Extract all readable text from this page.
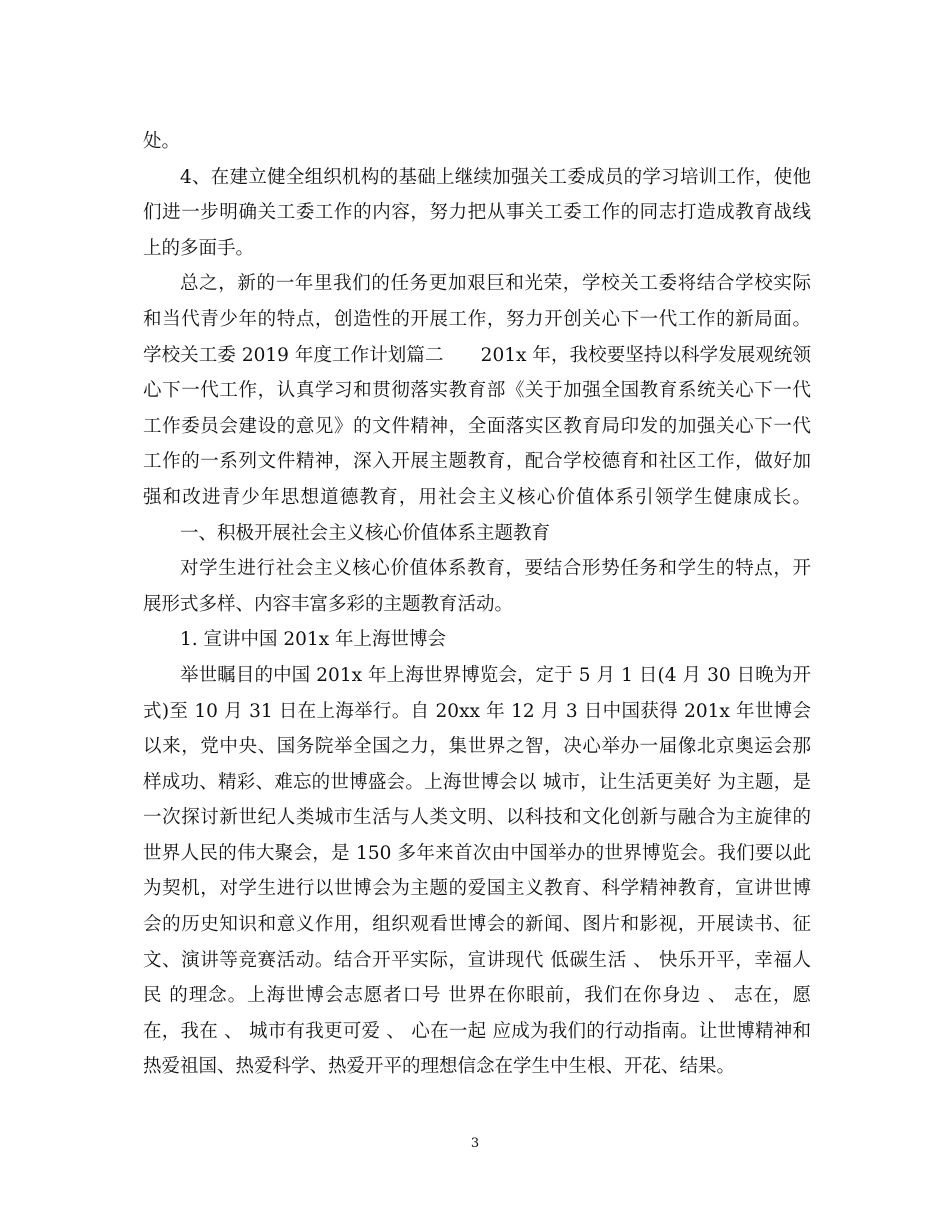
处。
4、在建立健全组织机构的基础上继续加强关工委成员的学习培训工作，使他
们进一步明确关工委工作的内容，努力把从事关工委工作的同志打造成教育战线
上的多面手。
总之，新的一年里我们的任务更加艰巨和光荣，学校关工委将结合学校实际
和当代青少年的特点，创造性的开展工作，努力开创关心下一代工作的新局面。
学校关工委 2019 年度工作计划篇二　　201x 年，我校要坚持以科学发展观统领
心下一代工作，认真学习和贯彻落实教育部《关于加强全国教育系统关心下一代
工作委员会建设的意见》的文件精神，全面落实区教育局印发的加强关心下一代
工作的一系列文件精神，深入开展主题教育，配合学校德育和社区工作，做好加
强和改进青少年思想道德教育，用社会主义核心价值体系引领学生健康成长。
一、积极开展社会主义核心价值体系主题教育
对学生进行社会主义核心价值体系教育，要结合形势任务和学生的特点，开
展形式多样、内容丰富多彩的主题教育活动。
1. 宣讲中国 201x 年上海世博会
举世瞩目的中国 201x 年上海世界博览会，定于 5 月 1 日(4 月 30 日晚为开
式)至 10 月 31 日在上海举行。自 20xx 年 12 月 3 日中国获得 201x 年世博会
以来，党中央、国务院举全国之力，集世界之智，决心举办一届像北京奥运会那
样成功、精彩、难忘的世博盛会。上海世博会以 城市，让生活更美好 为主题，是
一次探讨新世纪人类城市生活与人类文明、以科技和文化创新与融合为主旋律的
世界人民的伟大聚会，是 150 多年来首次由中国举办的世界博览会。我们要以此
为契机，对学生进行以世博会为主题的爱国主义教育、科学精神教育，宣讲世博
会的历史知识和意义作用，组织观看世博会的新闻、图片和影视，开展读书、征
文、演讲等竞赛活动。结合开平实际，宣讲现代 低碳生活 、 快乐开平，幸福人
民 的理念。上海世博会志愿者口号 世界在你眼前，我们在你身边 、 志在，愿
在，我在 、 城市有我更可爱 、 心在一起 应成为我们的行动指南。让世博精神和
热爱祖国、热爱科学、热爱开平的理想信念在学生中生根、开花、结果。
3
